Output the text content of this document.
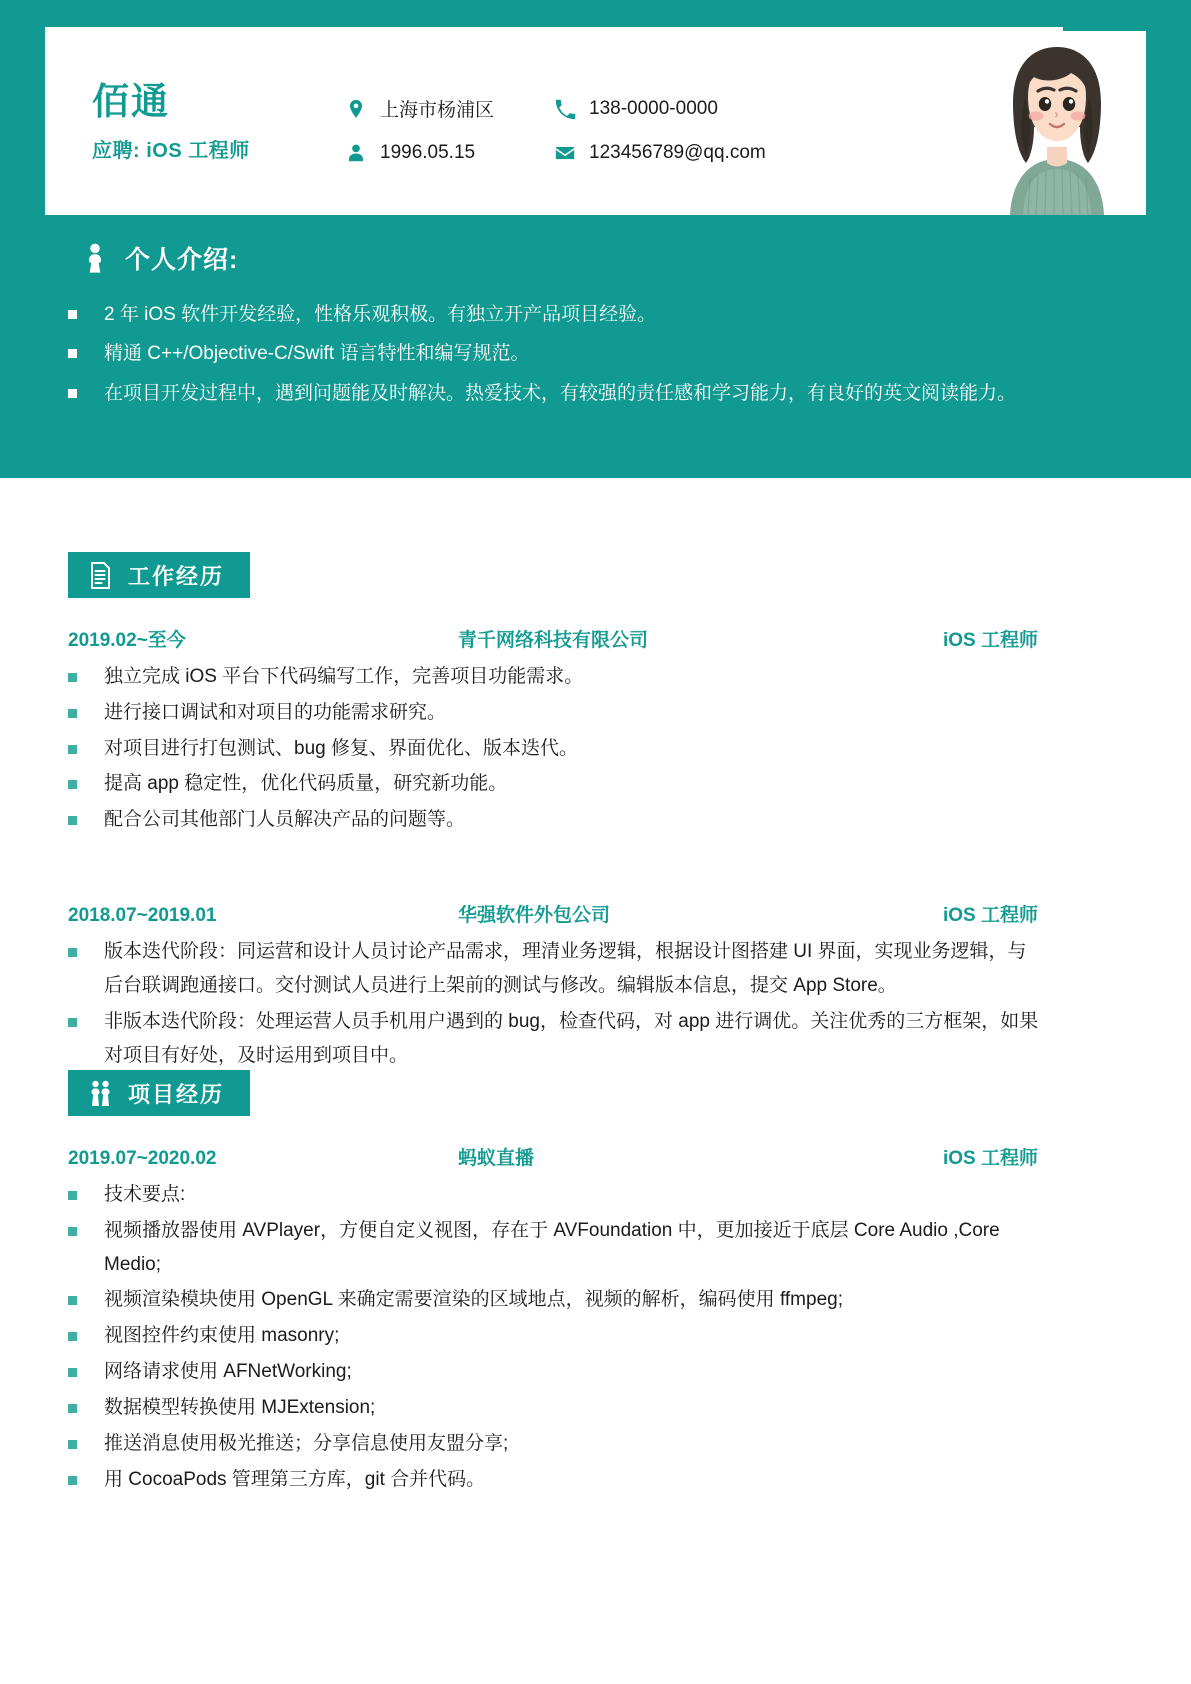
佰通
应聘: iOS 工程师
上海市杨浦区	138-0000-0000
1996.05.15	123456789@qq.com
个人介绍:
2 年 iOS 软件开发经验，性格乐观积极。有独立开产品项目经验。
精通 C++/Objective-C/Swift 语言特性和编写规范。
在项目开发过程中，遇到问题能及时解决。热爱技术，有较强的责任感和学习能力，有良好的英文阅读能力。
工作经历
2019.02~至今	青千网络科技有限公司	iOS 工程师
独立完成 iOS 平台下代码编写工作，完善项目功能需求。
进行接口调试和对项目的功能需求研究。
对项目进行打包测试、bug 修复、界面优化、版本迭代。
提高 app 稳定性，优化代码质量，研究新功能。
配合公司其他部门人员解决产品的问题等。
2018.07~2019.01	华强软件外包公司	iOS 工程师
版本迭代阶段：同运营和设计人员讨论产品需求，理清业务逻辑，根据设计图搭建 UI 界面，实现业务逻辑，与后台联调跑通接口。交付测试人员进行上架前的测试与修改。编辑版本信息，提交 App Store。
非版本迭代阶段：处理运营人员手机用户遇到的 bug，检查代码，对 app 进行调优。关注优秀的三方框架，如果对项目有好处，及时运用到项目中。
项目经历
2019.07~2020.02	蚂蚁直播	iOS 工程师
技术要点:
视频播放器使用 AVPlayer，方便自定义视图，存在于 AVFoundation 中，更加接近于底层 Core Audio ,Core Medio;
视频渲染模块使用 OpenGL 来确定需要渲染的区域地点，视频的解析，编码使用 ffmpeg;
视图控件约束使用 masonry;
网络请求使用 AFNetWorking;
数据模型转换使用 MJExtension;
推送消息使用极光推送；分享信息使用友盟分享;
用 CocoaPods 管理第三方库，git 合并代码。
